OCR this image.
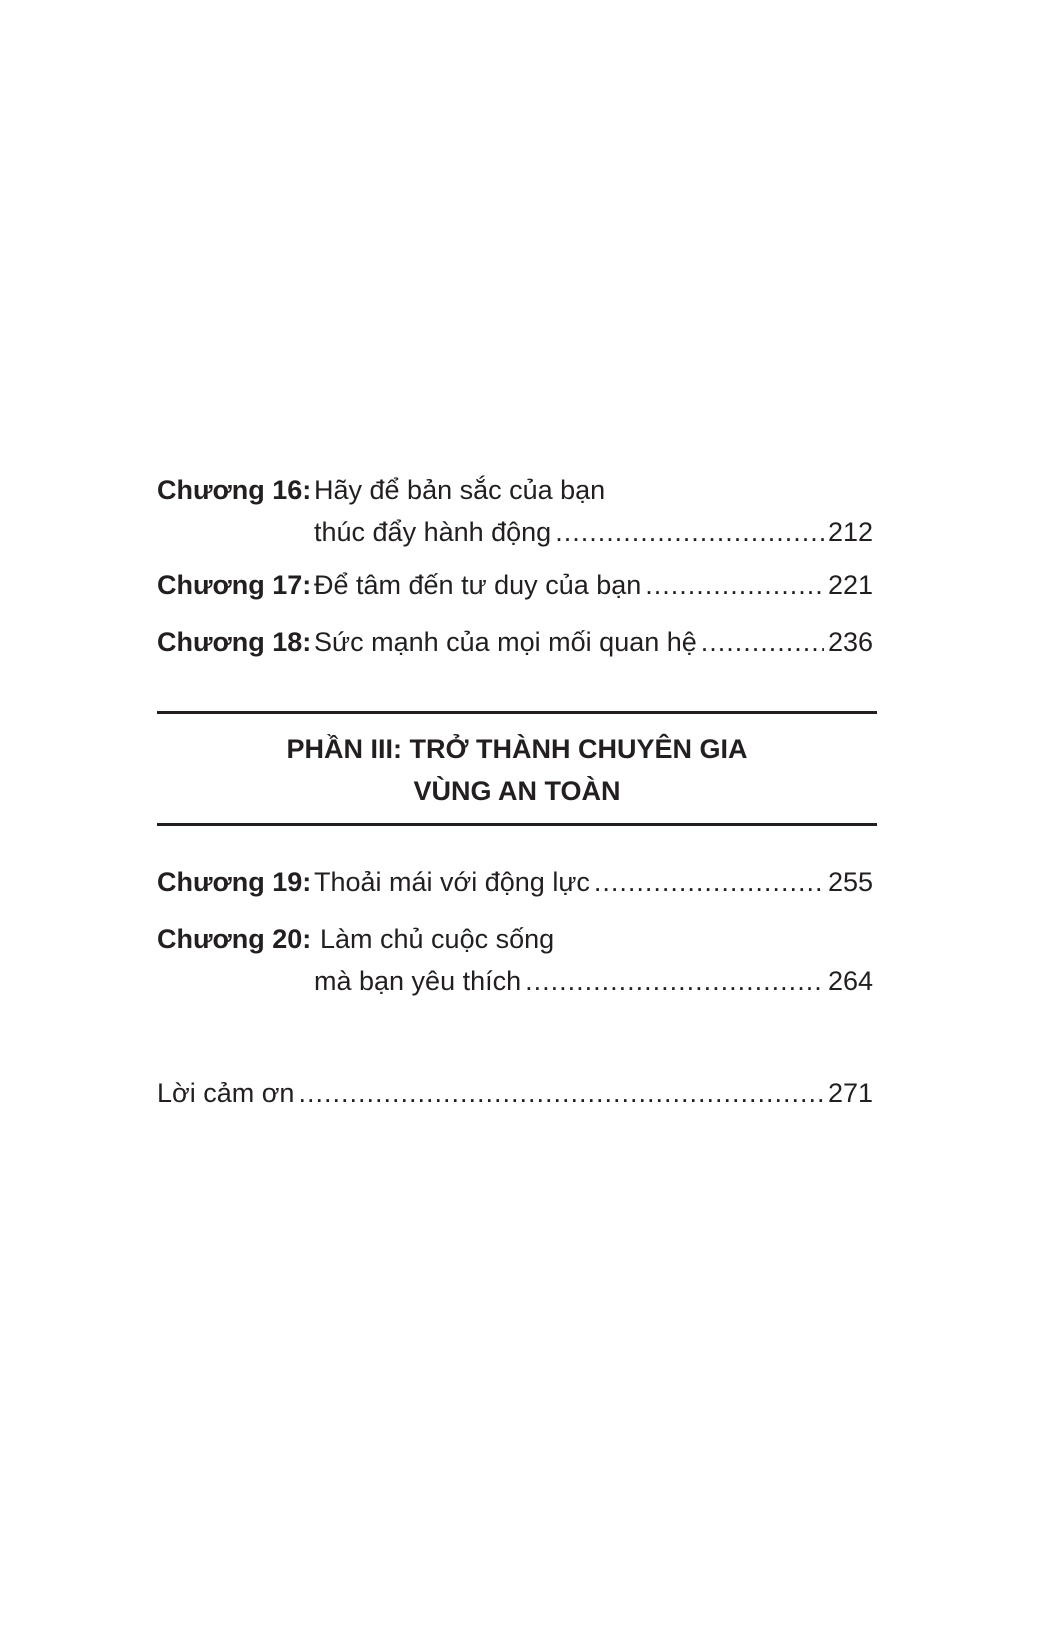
Chương 16: Hãy để bản sắc của bạn
thúc đẩy hành động .....	212
Chương 17: Để tâm đến tư duy của bạn .....	221
Chương 18: Sức mạnh của mọi mối quan hệ .....	236
PHẦN III: TRỞ THÀNH CHUYÊN GIA
VÙNG AN TOÀN
Chương 19: Thoải mái với động lực .....	255
Chương 20: Làm chủ cuộc sống
mà bạn yêu thích .....	264
Lời cảm ơn .....	271
